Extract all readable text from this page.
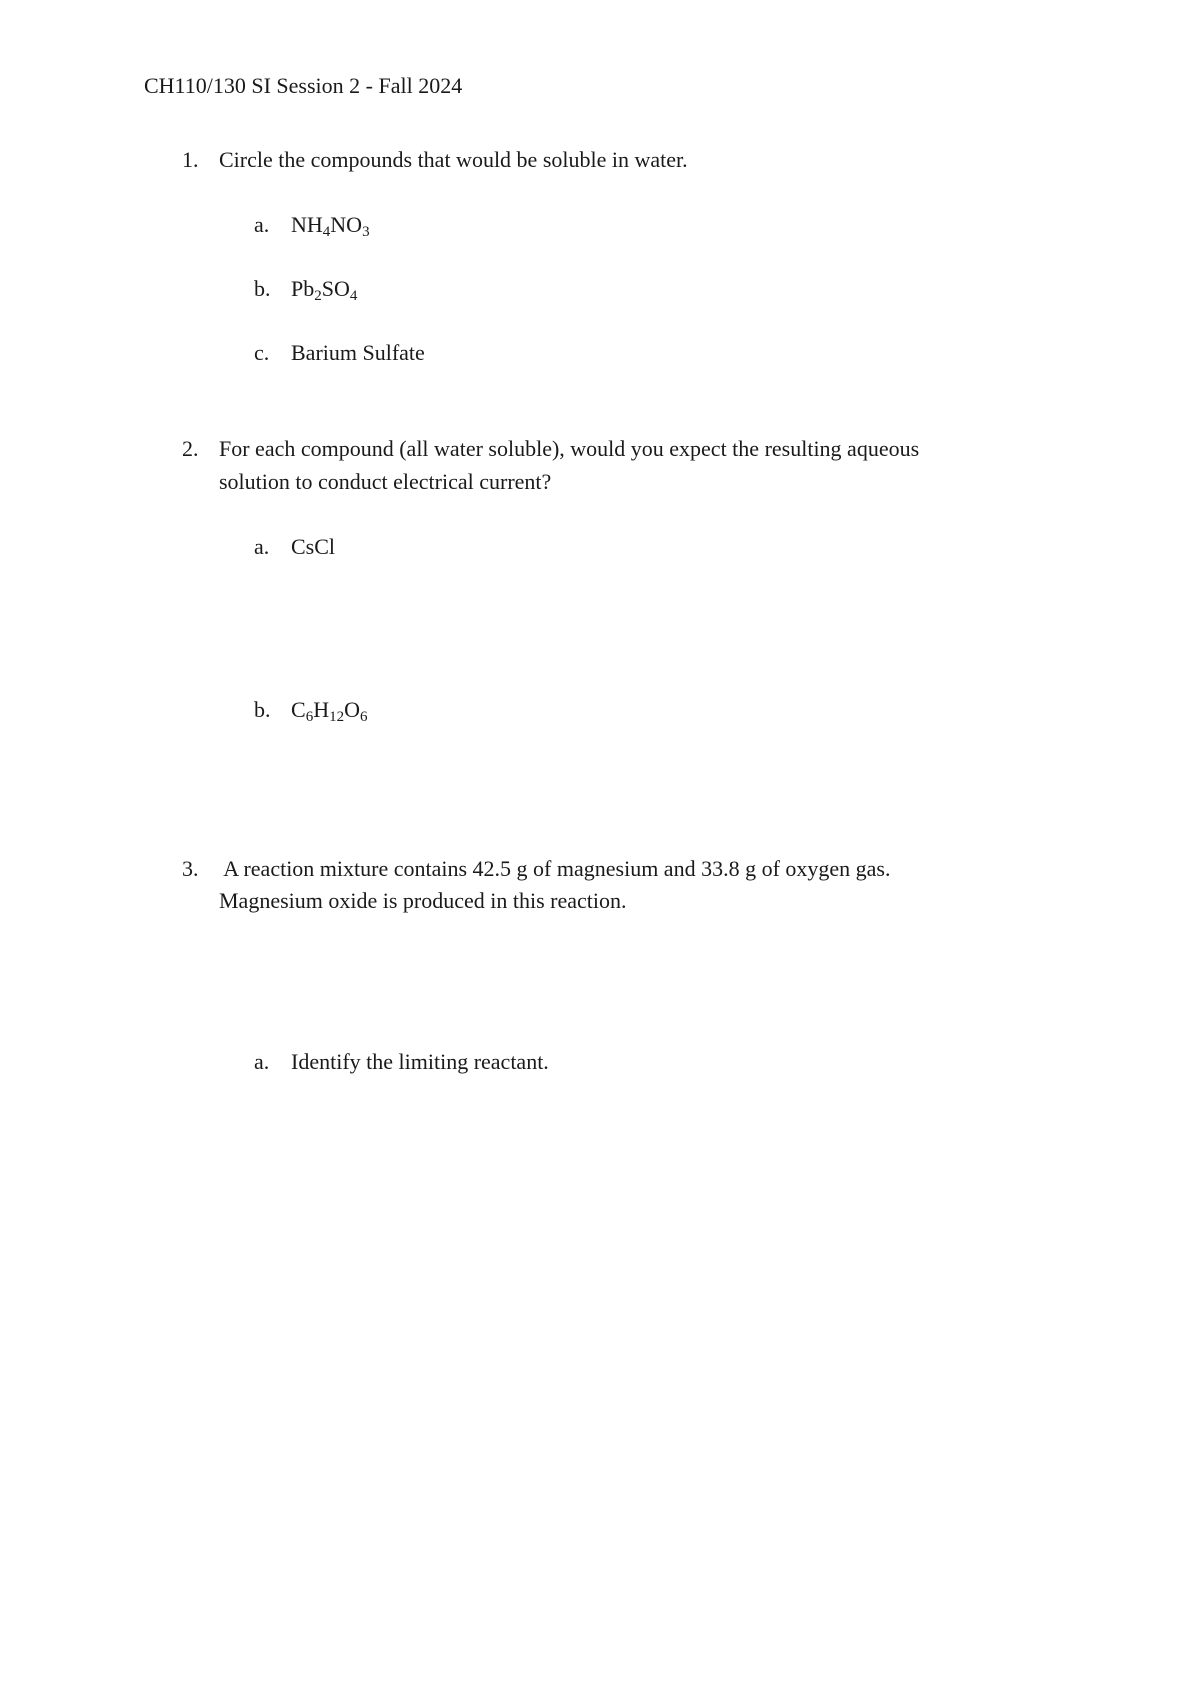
CH110/130 SI Session 2 - Fall 2024
1. Circle the compounds that would be soluble in water.
a. $NH_4NO_3$
b. $Pb_2SO_4$
c. Barium Sulfate
2. For each compound (all water soluble), would you expect the resulting aqueous
solution to conduct electrical current?
a. CsCl
b. $C_6H_{12}O_6$
3. A reaction mixture contains 42.5 g of magnesium and 33.8 g of oxygen gas.
Magnesium oxide is produced in this reaction.
a. Identify the limiting reactant.
